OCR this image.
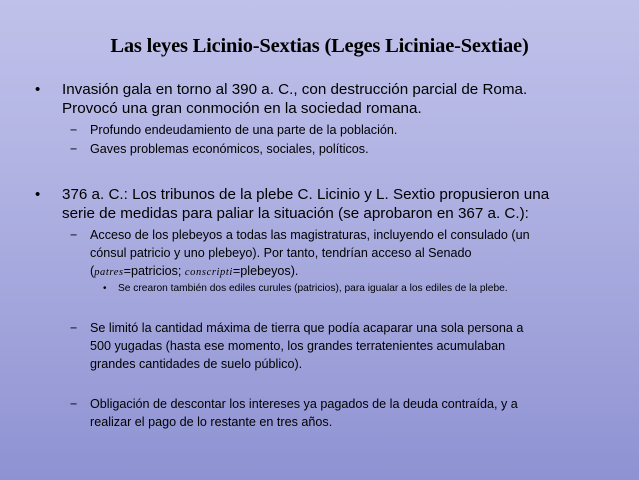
Las leyes Licinio-Sextias (Leges Liciniae-Sextiae)
• Invasión gala en torno al 390 a. C., con destrucción parcial de Roma.
Provocó una gran conmoción en la sociedad romana.
− Profundo endeudamiento de una parte de la población.
− Gaves problemas económicos, sociales, políticos.
• 376 a. C.: Los tribunos de la plebe C. Licinio y L. Sextio propusieron una
serie de medidas para paliar la situación (se aprobaron en 367 a. C.):
− Acceso de los plebeyos a todas las magistraturas, incluyendo el consulado (un
cónsul patricio y uno plebeyo). Por tanto, tendrían acceso al Senado
(patres=patricios; conscripti=plebeyos).
• Se crearon también dos ediles curules (patricios), para igualar a los ediles de la plebe.
− Se limitó la cantidad máxima de tierra que podía acaparar una sola persona a
500 yugadas (hasta ese momento, los grandes terratenientes acumulaban
grandes cantidades de suelo público).
− Obligación de descontar los intereses ya pagados de la deuda contraída, y a
realizar el pago de lo restante en tres años.
